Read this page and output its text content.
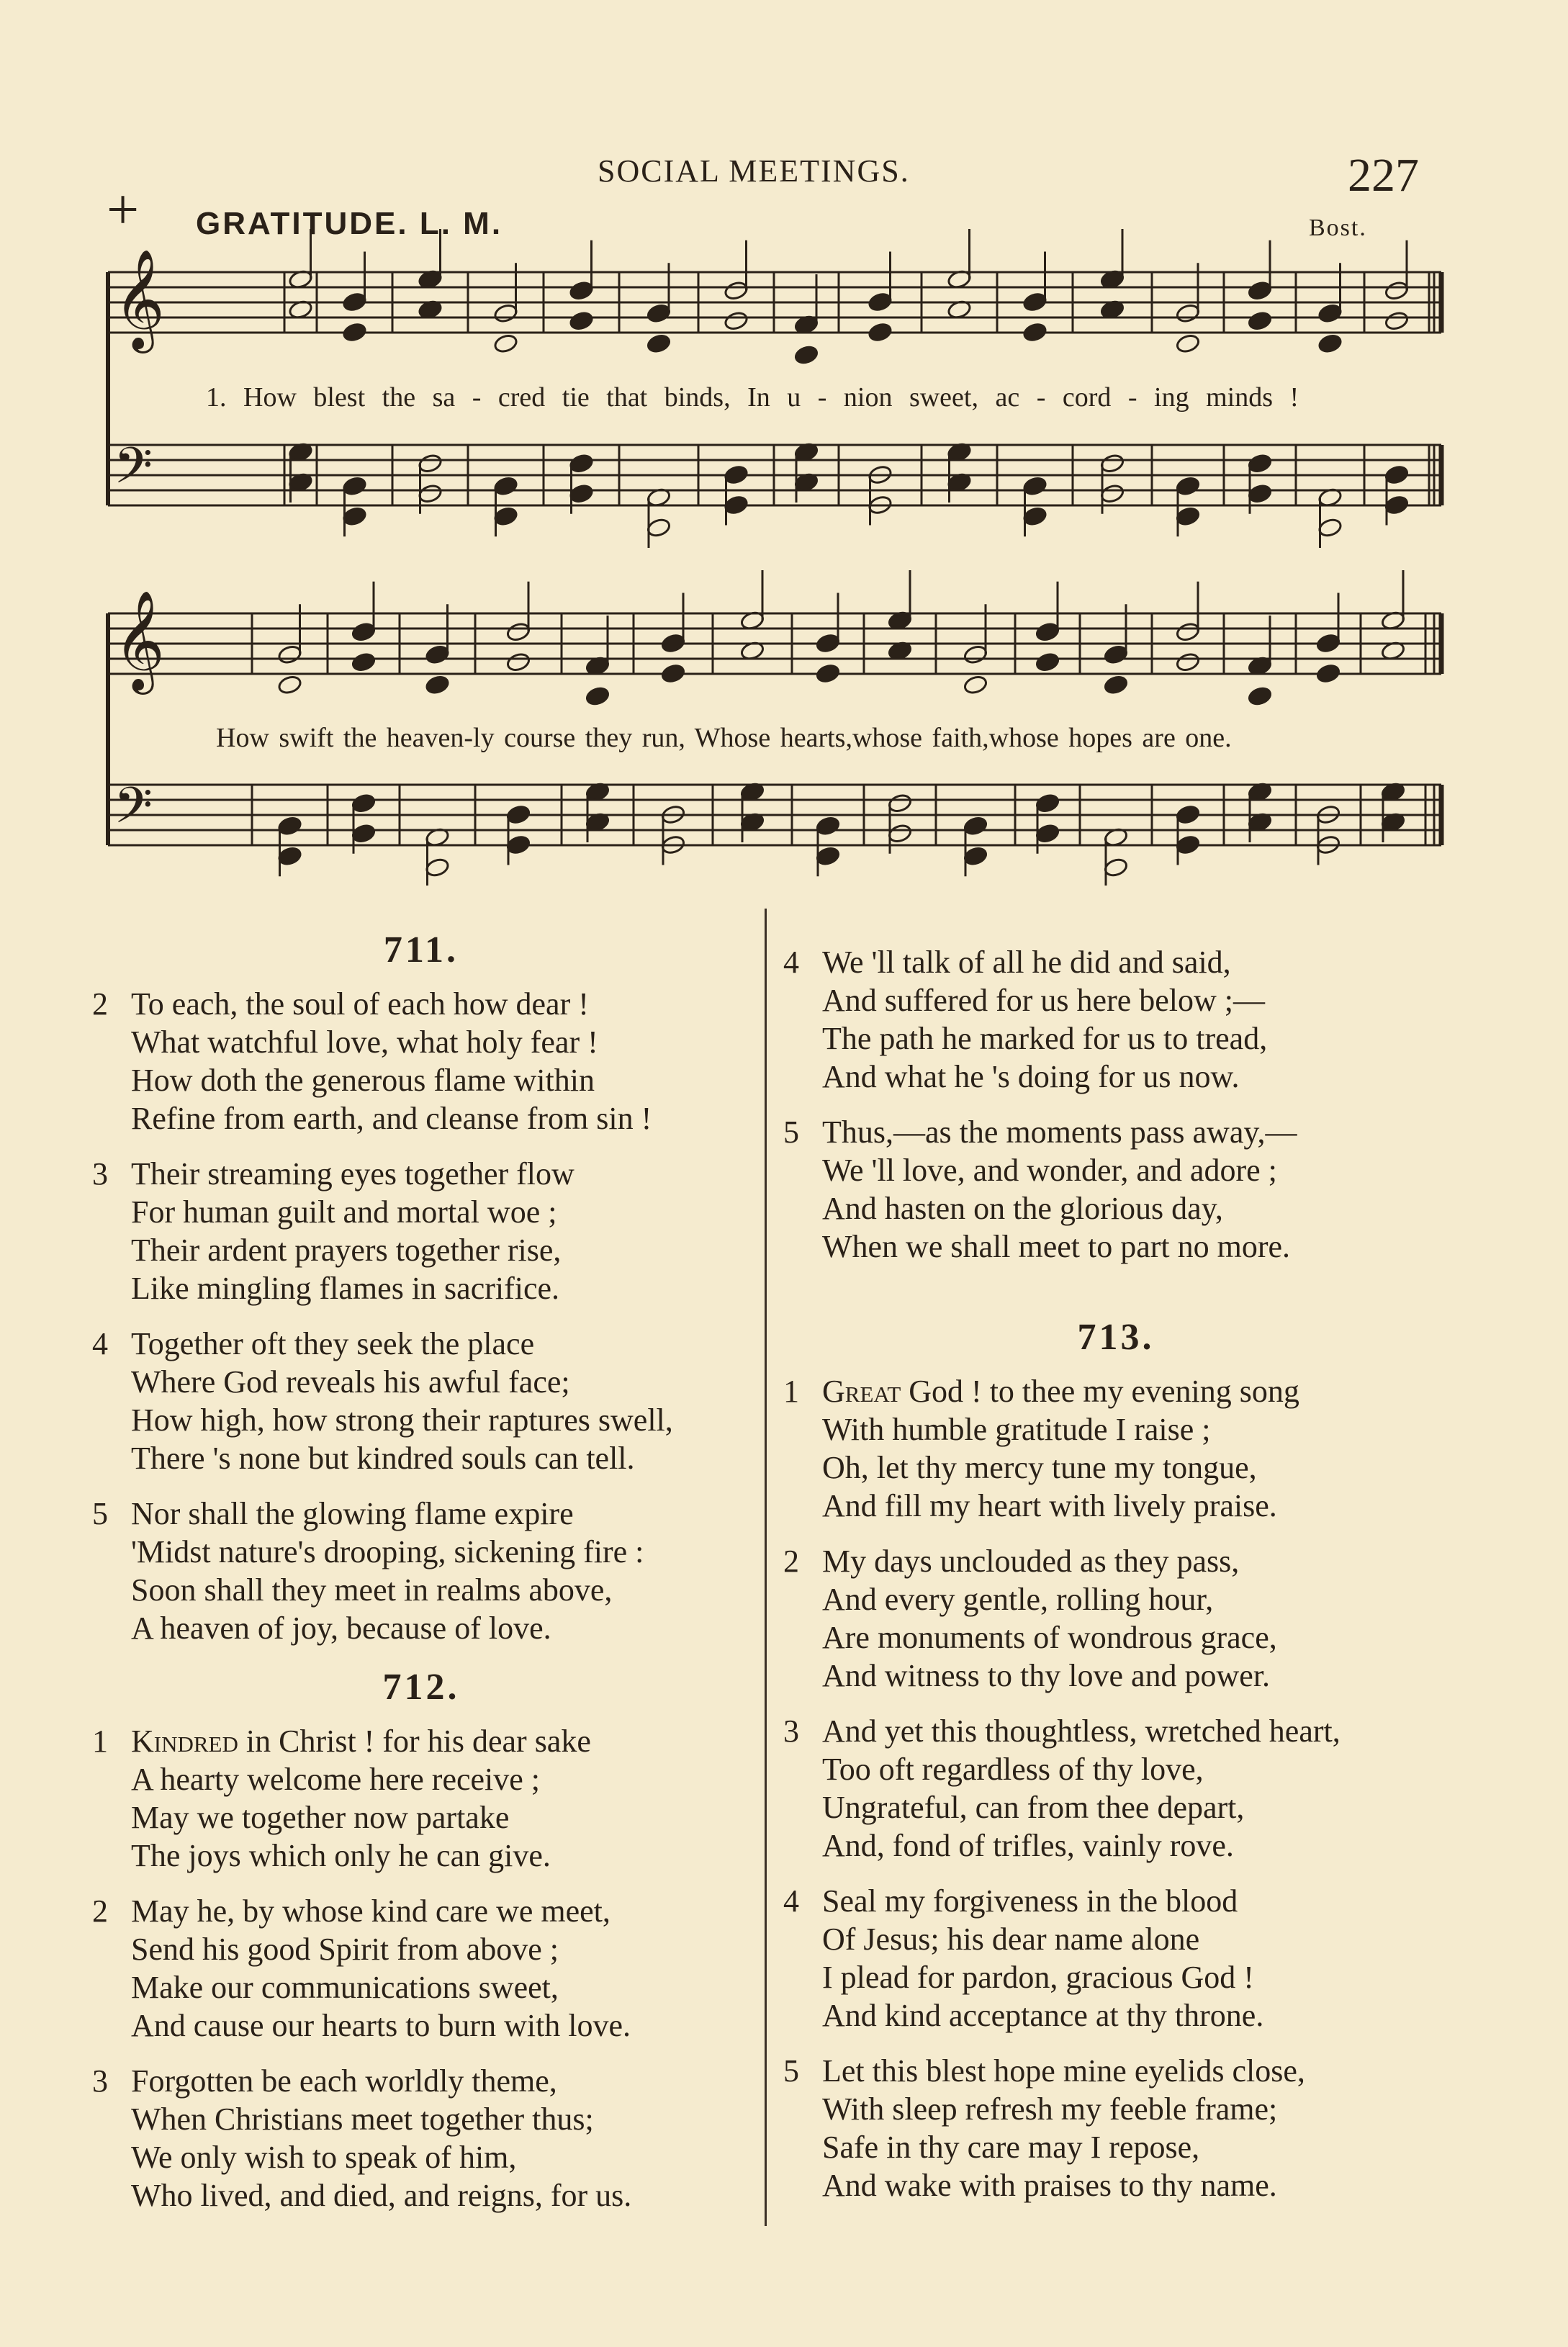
SOCIAL MEETINGS.	227
+ GRATITUDE. L. M.	Bost.
𝄞
𝄢
𝄞
𝄢
1. How blest the sa - cred tie that binds, In u - nion sweet, ac - cord - ing minds !
How swift the heaven-ly course they run, Whose hearts,whose faith,whose hopes are one.
711.
2 To each, the soul of each how dear !
What watchful love, what holy fear !
How doth the generous flame within
Refine from earth, and cleanse from sin !
3 Their streaming eyes together flow
For human guilt and mortal woe ;
Their ardent prayers together rise,
Like mingling flames in sacrifice.
4 Together oft they seek the place
Where God reveals his awful face;
How high, how strong their raptures swell,
There 's none but kindred souls can tell.
5 Nor shall the glowing flame expire
'Midst nature's drooping, sickening fire :
Soon shall they meet in realms above,
A heaven of joy, because of love.
712.
1 Kindred in Christ ! for his dear sake
A hearty welcome here receive ;
May we together now partake
The joys which only he can give.
2 May he, by whose kind care we meet,
Send his good Spirit from above ;
Make our communications sweet,
And cause our hearts to burn with love.
3 Forgotten be each worldly theme,
When Christians meet together thus;
We only wish to speak of him,
Who lived, and died, and reigns, for us.
4 We 'll talk of all he did and said,
And suffered for us here below ;—
The path he marked for us to tread,
And what he 's doing for us now.
5 Thus,—as the moments pass away,—
We 'll love, and wonder, and adore ;
And hasten on the glorious day,
When we shall meet to part no more.
713.
1 Great God ! to thee my evening song
With humble gratitude I raise ;
Oh, let thy mercy tune my tongue,
And fill my heart with lively praise.
2 My days unclouded as they pass,
And every gentle, rolling hour,
Are monuments of wondrous grace,
And witness to thy love and power.
3 And yet this thoughtless, wretched heart,
Too oft regardless of thy love,
Ungrateful, can from thee depart,
And, fond of trifles, vainly rove.
4 Seal my forgiveness in the blood
Of Jesus; his dear name alone
I plead for pardon, gracious God !
And kind acceptance at thy throne.
5 Let this blest hope mine eyelids close,
With sleep refresh my feeble frame;
Safe in thy care may I repose,
And wake with praises to thy name.
